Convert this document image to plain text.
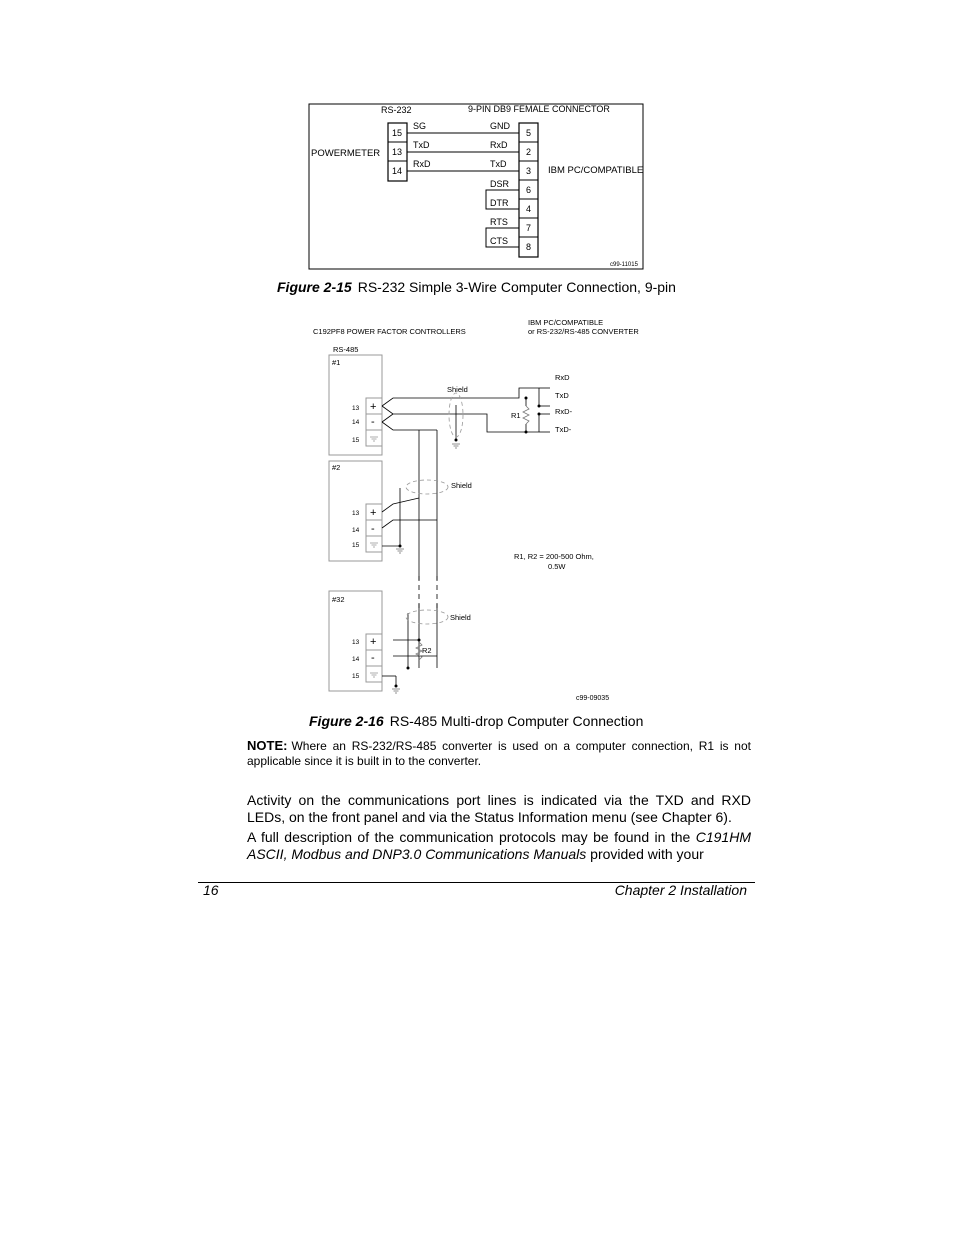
RS-232	9-PIN DB9 FEMALE CONNECTOR
POWERMETER
IBM PC/COMPATIBLE
15
13
14
SG
TxD
RxD
5
2
3
6
4
7
8
GND
RxD
TxD
DSR
DTR
RTS
CTS
c99-11015
Figure 2-15 RS-232 Simple 3-Wire Computer Connection, 9-pin
C192PF8 POWER FACTOR CONTROLLERS
IBM PC/COMPATIBLE
or RS-232/RS-485 CONVERTER
RS-485
#1
#2
#32
13
14
15
+
-
13
14
15
+
-
13
14
15
+
-
Shield
Shield
Shield
R1
R2
RxD
TxD
RxD-
TxD-
R1, R2 = 200-500 Ohm,
0.5W
c99-09035
Figure 2-16 RS-485 Multi-drop Computer Connection
NOTE: Where an RS-232/RS-485 converter is used on a computer connection, R1 is not applicable since it is built in to the converter.
Activity on the communications port lines is indicated via the TXD and RXD LEDs, on the front panel and via the Status Information menu (see Chapter 6).
A full description of the communication protocols may be found in the C191HM ASCII, Modbus and DNP3.0 Communications Manuals provided with your
16	Chapter 2 Installation
